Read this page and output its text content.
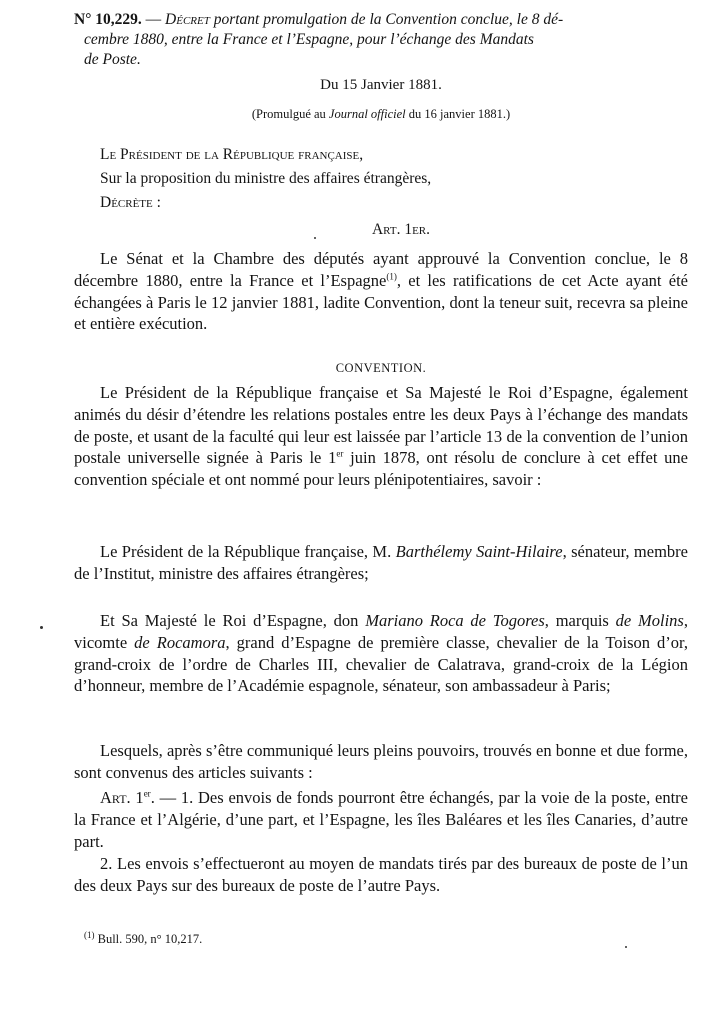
N° 10,229. — Décret portant promulgation de la Convention conclue, le 8 dé-
cembre 1880, entre la France et l’Espagne, pour l’échange des Mandats
de Poste.
Du 15 Janvier 1881.
(Promulgué au Journal officiel du 16 janvier 1881.)
Le Président de la République française,
Sur la proposition du ministre des affaires étrangères,
Décrète :
Art. 1er.
Le Sénat et la Chambre des députés ayant approuvé la Convention conclue, le 8 décembre 1880, entre la France et l’Espagne$^{(1)}$, et les ratifications de cet Acte ayant été échangées à Paris le 12 janvier 1881, ladite Convention, dont la teneur suit, recevra sa pleine et entière exécution.
CONVENTION.
Le Président de la République française et Sa Majesté le Roi d’Espagne, également animés du désir d’étendre les relations postales entre les deux Pays à l’échange des mandats de poste, et usant de la faculté qui leur est laissée par l’article 13 de la convention de l’union postale universelle signée à Paris le 1er juin 1878, ont résolu de conclure à cet effet une convention spéciale et ont nommé pour leurs plénipotentiaires, savoir :
Le Président de la République française, M. Barthélemy Saint-Hilaire, sénateur, membre de l’Institut, ministre des affaires étrangères;
Et Sa Majesté le Roi d’Espagne, don Mariano Roca de Togores, marquis de Molins, vicomte de Rocamora, grand d’Espagne de première classe, chevalier de la Toison d’or, grand-croix de l’ordre de Charles III, chevalier de Calatrava, grand-croix de la Légion d’honneur, membre de l’Académie espagnole, sénateur, son ambassadeur à Paris;
Lesquels, après s’être communiqué leurs pleins pouvoirs, trouvés en bonne et due forme, sont convenus des articles suivants :
Art. 1er. — 1. Des envois de fonds pourront être échangés, par la voie de la poste, entre la France et l’Algérie, d’une part, et l’Espagne, les îles Baléares et les îles Canaries, d’autre part.
2. Les envois s’effectueront au moyen de mandats tirés par des bureaux de poste de l’un des deux Pays sur des bureaux de poste de l’autre Pays.
$^{(1)}$ Bull. 590, n° 10,217.
